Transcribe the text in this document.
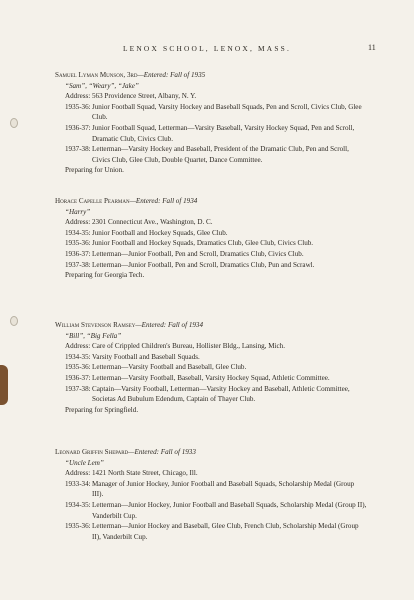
LENOX SCHOOL, LENOX, MASS.	11
Samuel Lyman Munson, 3rd—Entered: Fall of 1935
“Sam”, “Weary”, “Jake”
Address: 563 Providence Street, Albany, N. Y.
1935-36: Junior Football Squad, Varsity Hockey and Baseball Squads, Pen and Scroll, Civics Club, Glee Club.
1936-37: Junior Football Squad, Letterman—Varsity Baseball, Varsity Hockey Squad, Pen and Scroll, Dramatic Club, Civics Club.
1937-38: Letterman—Varsity Hockey and Baseball, President of the Dramatic Club, Pen and Scroll, Civics Club, Glee Club, Double Quartet, Dance Committee.
Preparing for Union.
Horace Capelle Pearman—Entered: Fall of 1934
“Harry”
Address: 2301 Connecticut Ave., Washington, D. C.
1934-35: Junior Football and Hockey Squads, Glee Club.
1935-36: Junior Football and Hockey Squads, Dramatics Club, Glee Club, Civics Club.
1936-37: Letterman—Junior Football, Pen and Scroll, Dramatics Club, Civics Club.
1937-38: Letterman—Junior Football, Pen and Scroll, Dramatics Club, Pun and Scrawl.
Preparing for Georgia Tech.
William Stevenson Ramsey—Entered: Fall of 1934
“Bill”, “Big Fella”
Address: Care of Crippled Children's Bureau, Hollister Bldg., Lansing, Mich.
1934-35: Varsity Football and Baseball Squads.
1935-36: Letterman—Varsity Football and Baseball, Glee Club.
1936-37: Letterman—Varsity Football, Baseball, Varsity Hockey Squad, Athletic Committee.
1937-38: Captain—Varsity Football, Letterman—Varsity Hockey and Baseball, Athletic Committee, Societas Ad Bubulum Edendum, Captain of Thayer Club.
Preparing for Springfield.
Leonard Griffin Shepard—Entered: Fall of 1933
“Uncle Lem”
Address: 1421 North State Street, Chicago, Ill.
1933-34: Manager of Junior Hockey, Junior Football and Baseball Squads, Scholarship Medal (Group III).
1934-35: Letterman—Junior Hockey, Junior Football and Baseball Squads, Scholarship Medal (Group II), Vanderbilt Cup.
1935-36: Letterman—Junior Hockey and Baseball, Glee Club, French Club, Scholarship Medal (Group II), Vanderbilt Cup.
